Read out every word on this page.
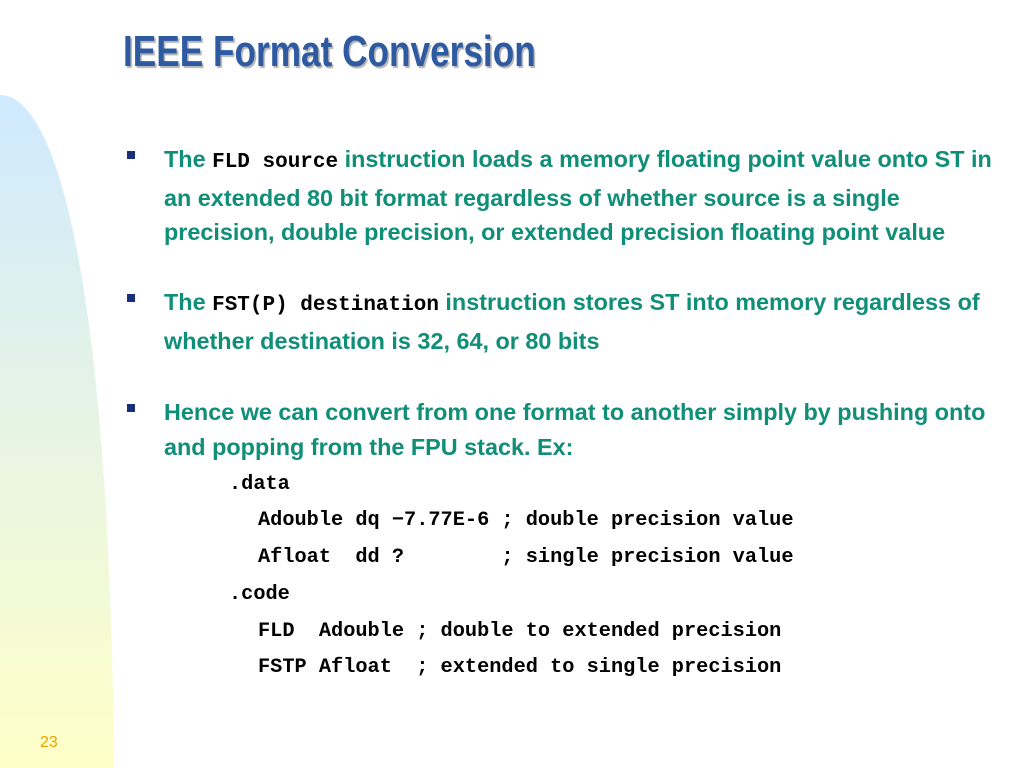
IEEE Format Conversion
The FLD source instruction loads a memory floating point value onto ST in an extended 80 bit format regardless of whether source is a single precision, double precision, or extended precision floating point value
The FST(P) destination instruction stores ST into memory regardless of whether destination is 32, 64, or 80 bits
Hence we can convert from one format to another simply by pushing onto and popping from the FPU stack. Ex:
.data
Adouble dq −7.77E-6 ; double precision value
Afloat  dd ?        ; single precision value
.code
FLD  Adouble ; double to extended precision
FSTP Afloat  ; extended to single precision
23
